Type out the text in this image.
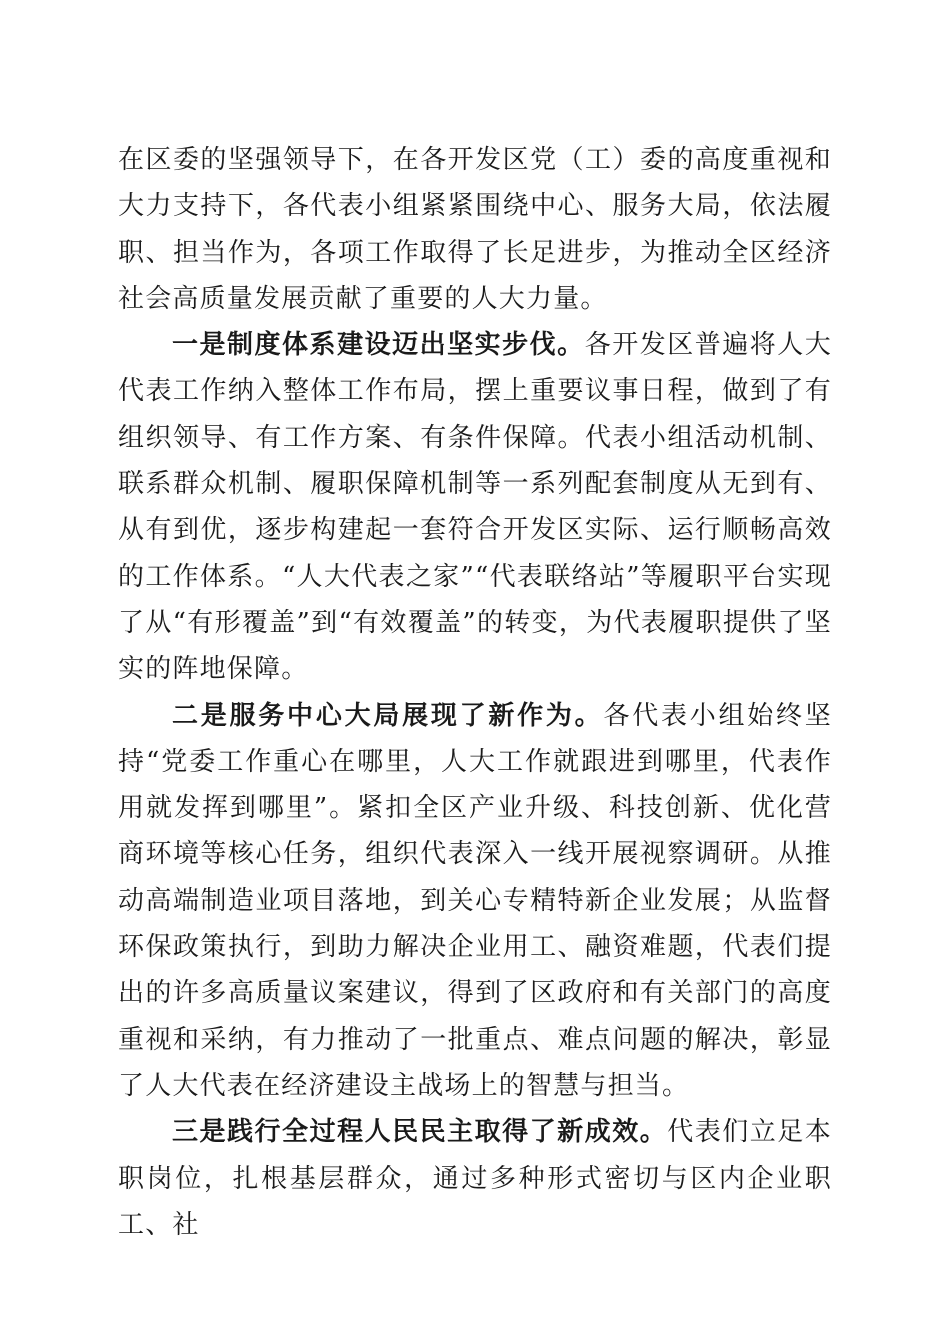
在区委的坚强领导下，在各开发区党（工）委的高度重视和大力支持下，各代表小组紧紧围绕中心、服务大局，依法履职、担当作为，各项工作取得了长足进步，为推动全区经济社会高质量发展贡献了重要的人大力量。

一是制度体系建设迈出坚实步伐。各开发区普遍将人大代表工作纳入整体工作布局，摆上重要议事日程，做到了有组织领导、有工作方案、有条件保障。代表小组活动机制、联系群众机制、履职保障机制等一系列配套制度从无到有、从有到优，逐步构建起一套符合开发区实际、运行顺畅高效的工作体系。“人大代表之家”“代表联络站”等履职平台实现了从“有形覆盖”到“有效覆盖”的转变，为代表履职提供了坚实的阵地保障。

二是服务中心大局展现了新作为。各代表小组始终坚持“党委工作重心在哪里，人大工作就跟进到哪里，代表作用就发挥到哪里”。紧扣全区产业升级、科技创新、优化营商环境等核心任务，组织代表深入一线开展视察调研。从推动高端制造业项目落地，到关心专精特新企业发展；从监督环保政策执行，到助力解决企业用工、融资难题，代表们提出的许多高质量议案建议，得到了区政府和有关部门的高度重视和采纳，有力推动了一批重点、难点问题的解决，彰显了人大代表在经济建设主战场上的智慧与担当。

三是践行全过程人民民主取得了新成效。代表们立足本职岗位，扎根基层群众，通过多种形式密切与区内企业职工、社
